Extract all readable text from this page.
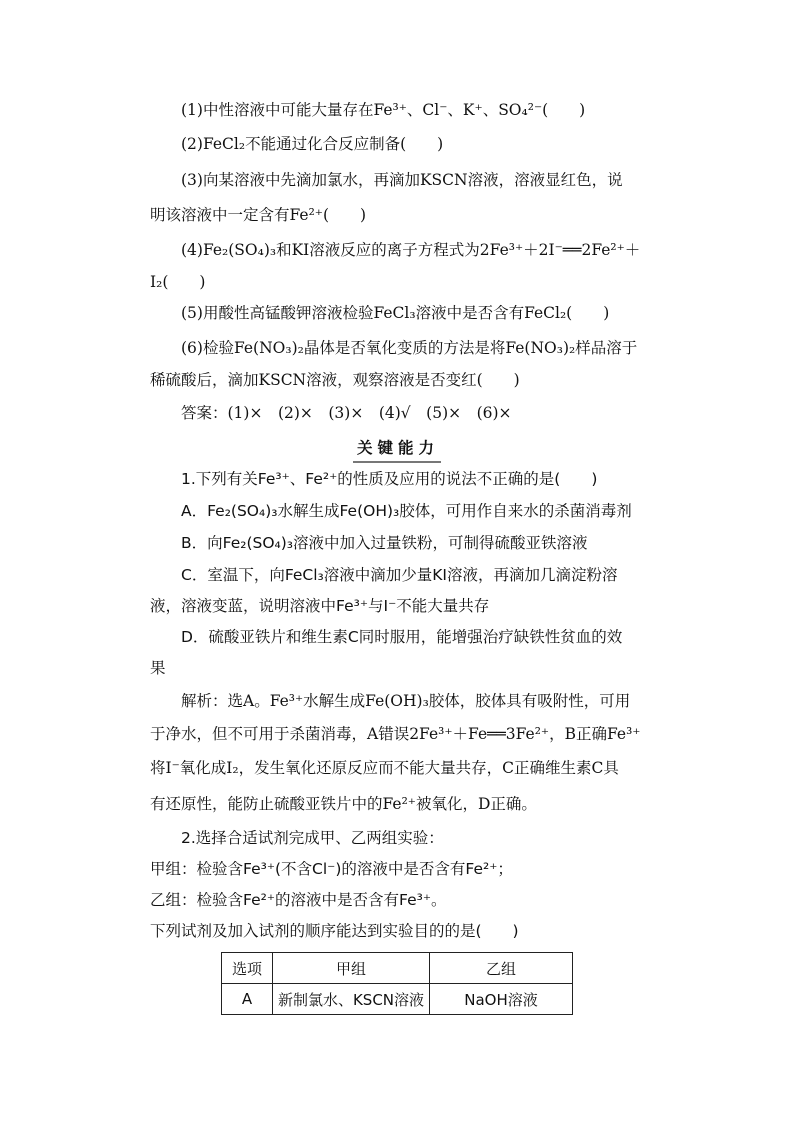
(1)中性溶液中可能大量存在Fe³⁺、Cl⁻、K⁺、SO₄²⁻(　　)
(2)FeCl₂不能通过化合反应制备(　　)
(3)向某溶液中先滴加氯水，再滴加KSCN溶液，溶液显红色，说
明该溶液中一定含有Fe²⁺(　　)
(4)Fe₂(SO₄)₃和KI溶液反应的离子方程式为2Fe³⁺＋2I⁻══2Fe²⁺＋
I₂(　　)
(5)用酸性高锰酸钾溶液检验FeCl₃溶液中是否含有FeCl₂(　　)
(6)检验Fe(NO₃)₂晶体是否氧化变质的方法是将Fe(NO₃)₂样品溶于
稀硫酸后，滴加KSCN溶液，观察溶液是否变红(　　)
答案：(1)×　(2)×　(3)×　(4)√　(5)×　(6)×
关键能力
1.下列有关Fe³⁺、Fe²⁺的性质及应用的说法不正确的是(　　)
A．Fe₂(SO₄)₃水解生成Fe(OH)₃胶体，可用作自来水的杀菌消毒剂
B．向Fe₂(SO₄)₃溶液中加入过量铁粉，可制得硫酸亚铁溶液
C．室温下，向FeCl₃溶液中滴加少量KI溶液，再滴加几滴淀粉溶
液，溶液变蓝，说明溶液中Fe³⁺与I⁻不能大量共存
D．硫酸亚铁片和维生素C同时服用，能增强治疗缺铁性贫血的效
果
解析：选A。Fe³⁺水解生成Fe(OH)₃胶体，胶体具有吸附性，可用
于净水，但不可用于杀菌消毒，A错误2Fe³⁺＋Fe══3Fe²⁺，B正确Fe³⁺
将I⁻氧化成I₂，发生氧化还原反应而不能大量共存，C正确维生素C具
有还原性，能防止硫酸亚铁片中的Fe²⁺被氧化，D正确。
2.选择合适试剂完成甲、乙两组实验：
甲组：检验含Fe³⁺(不含Cl⁻)的溶液中是否含有Fe²⁺；
乙组：检验含Fe²⁺的溶液中是否含有Fe³⁺。
下列试剂及加入试剂的顺序能达到实验目的的是(　　)
选项	甲组	乙组
A	新制氯水、KSCN溶液	NaOH溶液
